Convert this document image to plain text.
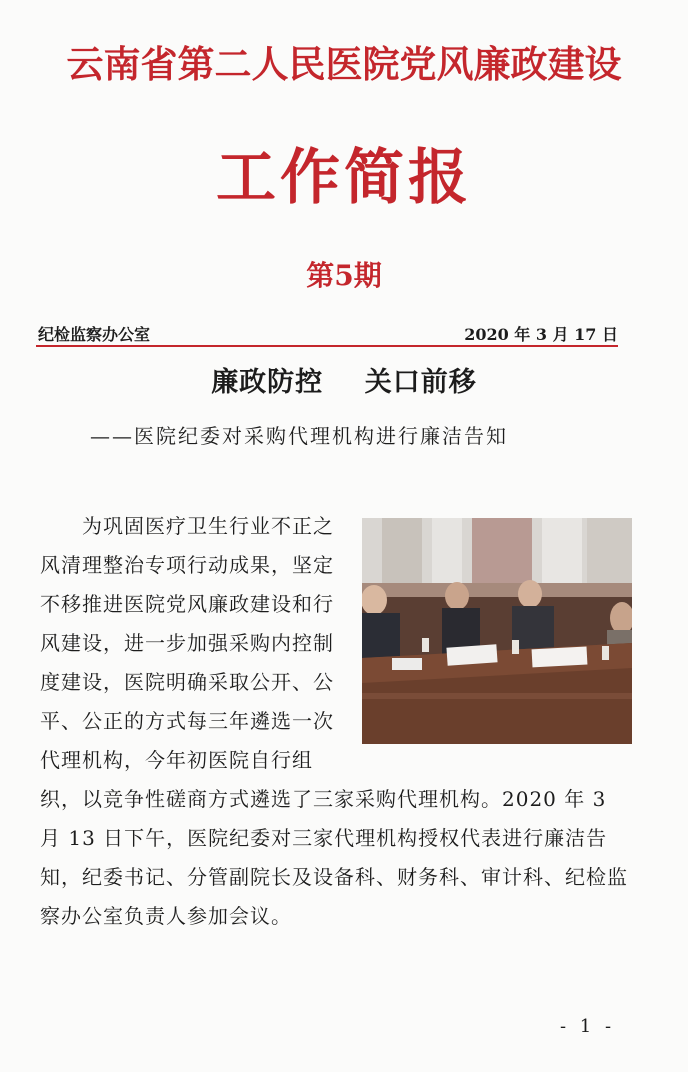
云南省第二人民医院党风廉政建设
工作简报
第5期
纪检监察办公室	2020 年 3 月 17 日
廉政防控    关口前移
——医院纪委对采购代理机构进行廉洁告知
为巩固医疗卫生行业不正之风清理整治专项行动成果，坚定不移推进医院党风廉政建设和行风建设，进一步加强采购内控制度建设，医院明确采取公开、公平、公正的方式每三年遴选一次代理机构，今年初医院自行组织，以竞争性磋商方式遴选了三家采购代理机构。2020 年 3 月 13 日下午，医院纪委对三家代理机构授权代表进行廉洁告知，纪委书记、分管副院长及设备科、财务科、审计科、纪检监察办公室负责人参加会议。
- 1 -
